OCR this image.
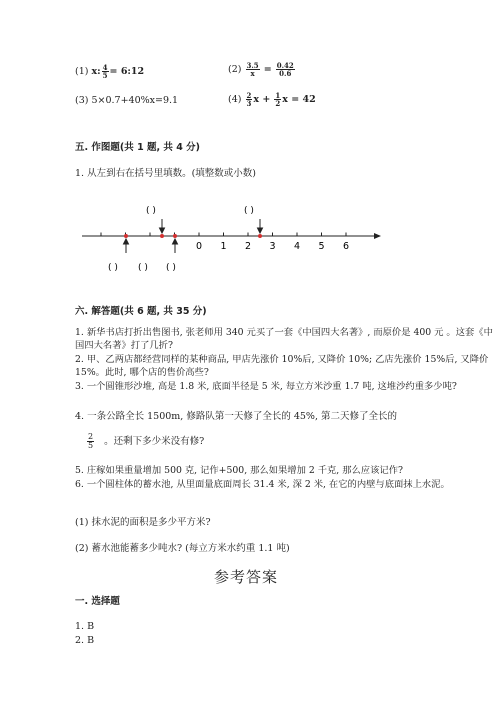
(1) x: $\frac{4}{5}$ = 6:12	$(2) \frac{3.5}{x} = \frac{0.42}{0.6}$
(3) 5×0.7+40%x=9.1	$(4) \frac{2}{3}$ $x + \frac{1}{2}$ x = 42
五. 作图题(共 1 题, 共 4 分)
1. 从左到右在括号里填数。(填整数或小数)
0 1 2 3 4 5 6
( )	( )
( ) ( ) ( )
六. 解答题(共 6 题, 共 35 分)
1. 新华书店打折出售图书, 张老师用 340 元买了一套《中国四大名著》, 而原价是 400 元 。这套《中国四大名著》打了几折?
2. 甲、乙两店都经营同样的某种商品, 甲店先涨价 10%后, 又降价 10%; 乙店先涨价 15%后, 又降价 15%。此时, 哪个店的售价高些?
3. 一个圆锥形沙堆, 高是 1.8 米, 底面半径是 5 米, 每立方米沙重 1.7 吨, 这堆沙约重多少吨?
4. 一条公路全长 1500m, 修路队第一天修了全长的 45%, 第二天修了全长的
$\frac{2}{5}$ 。还剩下多少米没有修?
5. 庄稼如果重量增加 500 克, 记作+500, 那么如果增加 2 千克, 那么应该记作?
6. 一个圆柱体的蓄水池, 从里面量底面周长 31.4 米, 深 2 米, 在它的内壁与底面抹上水泥。
(1) 抹水泥的面积是多少平方米?
(2) 蓄水池能蓄多少吨水? (每立方米水约重 1.1 吨)
参考答案
一. 选择题
1. B
2. B
